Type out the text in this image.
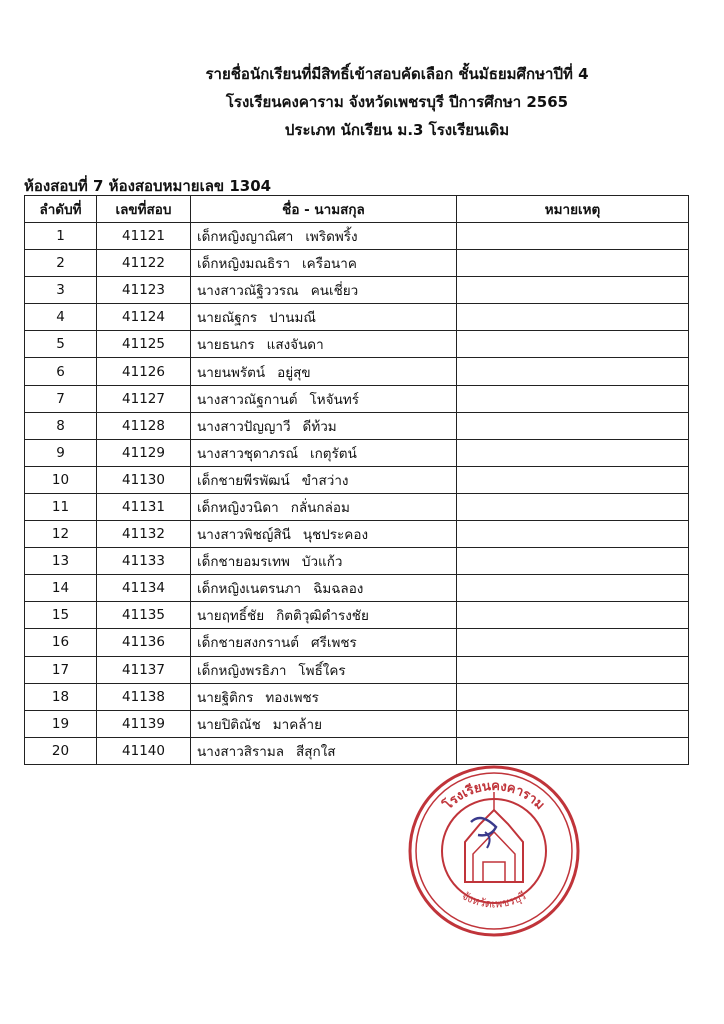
รายชื่อนักเรียนที่มีสิทธิ์เข้าสอบคัดเลือก ชั้นมัธยมศึกษาปีที่ 4
โรงเรียนคงคาราม จังหวัดเพชรบุรี ปีการศึกษา 2565
ประเภท นักเรียน ม.3 โรงเรียนเดิม
ห้องสอบที่ 7 ห้องสอบหมายเลข 1304
ลำดับที่	เลขที่สอบ	ชื่อ - นามสกุล	หมายเหตุ
1	41121	เด็กหญิงญาณิศา เพริดพริ้ง	
2	41122	เด็กหญิงมณธิรา เครือนาค	
3	41123	นางสาวณัฐิววรณ คนเชี่ยว	
4	41124	นายณัฐกร ปานมณี	
5	41125	นายธนกร แสงจันดา	
6	41126	นายนพรัตน์ อยู่สุข	
7	41127	นางสาวณัฐกานต์ โหจันทร์	
8	41128	นางสาวปัญญาวี ดีท้วม	
9	41129	นางสาวชุดาภรณ์ เกตุรัตน์	
10	41130	เด็กชายพีรพัฒน์ ขำสว่าง	
11	41131	เด็กหญิงวนิดา กลั่นกล่อม	
12	41132	นางสาวพิชญ์สินี นุชประคอง	
13	41133	เด็กชายอมรเทพ บัวแก้ว	
14	41134	เด็กหญิงเนตรนภา ฉิมฉลอง	
15	41135	นายฤทธิ์ชัย กิตติวุฒิดำรงชัย	
16	41136	เด็กชายสงกรานต์ ศรีเพชร	
17	41137	เด็กหญิงพรธิภา โพธิ์ใคร	
18	41138	นายฐิติกร ทองเพชร	
19	41139	นายปิติณัช มาคล้าย	
20	41140	นางสาวสิรามล สีสุกใส	
โรงเรียนคงคาราม
จังหวัดเพชรบุรี
